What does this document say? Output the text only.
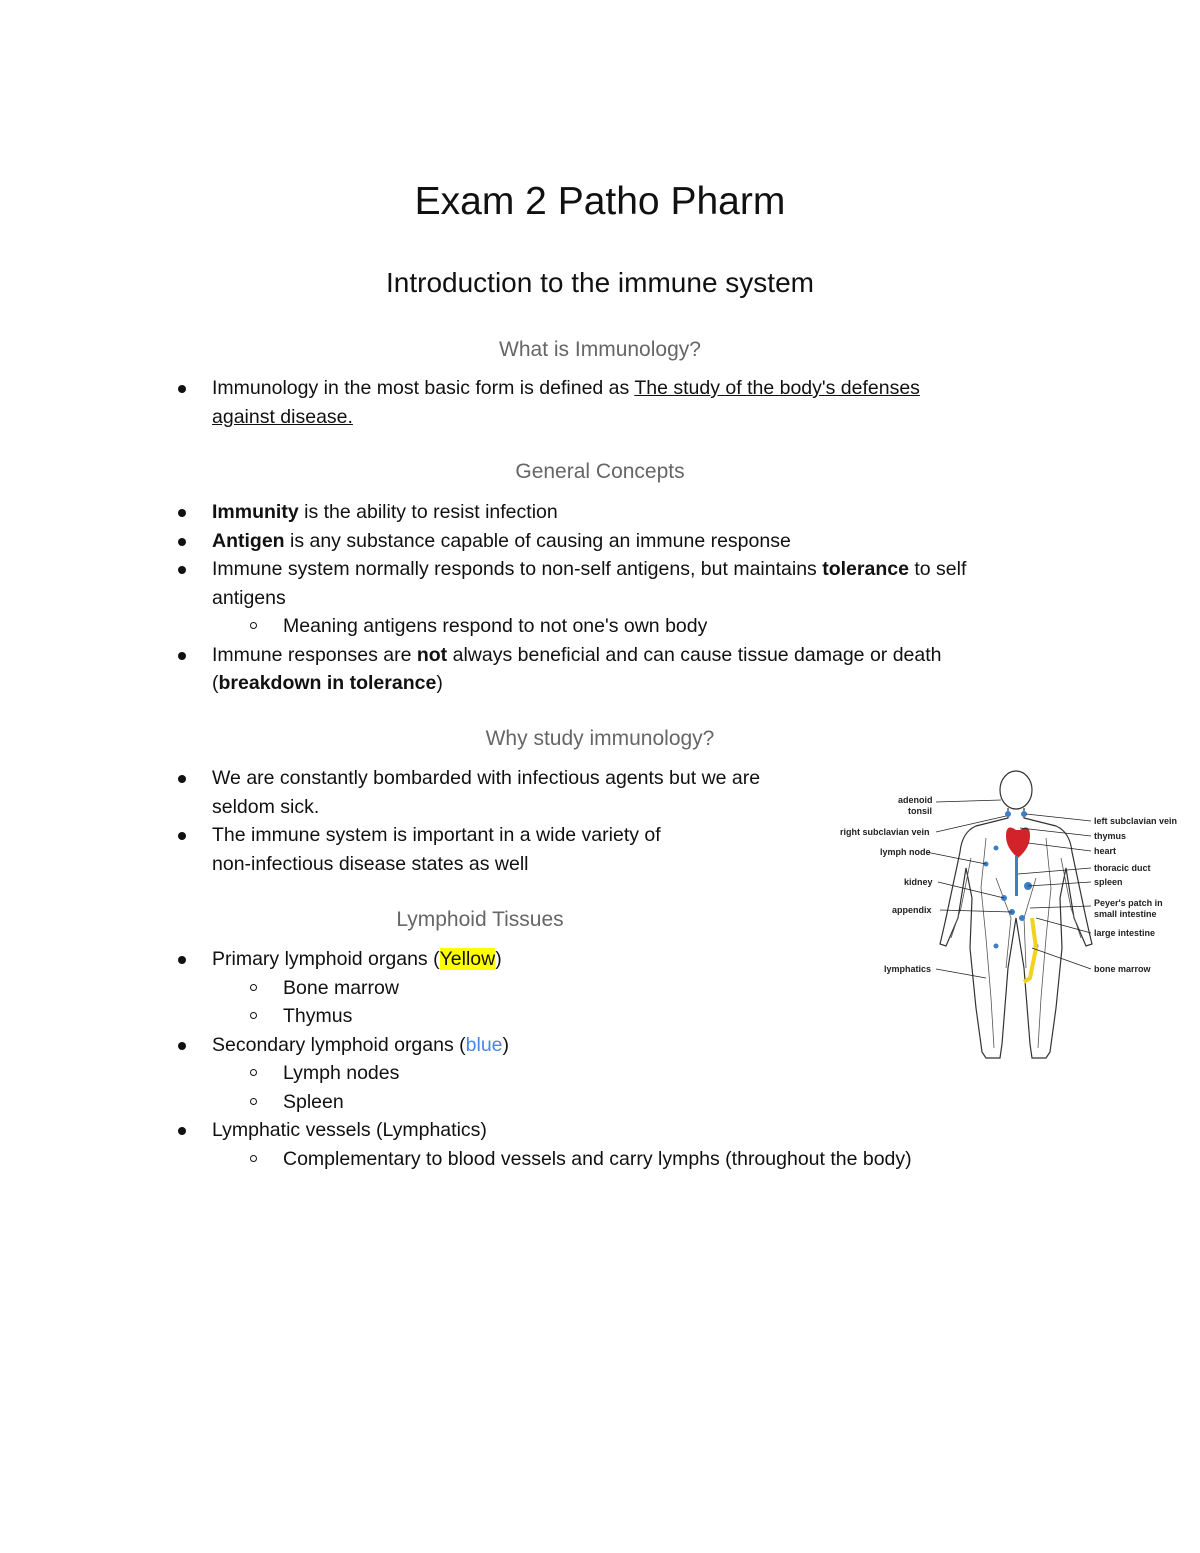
Exam 2 Patho Pharm
Introduction to the immune system
What is Immunology?
Immunology in the most basic form is defined as The study of the body's defenses
against disease.
General Concepts
Immunity is the ability to resist infection
Antigen is any substance capable of causing an immune response
Immune system normally responds to non-self antigens, but maintains tolerance to self
antigens
Meaning antigens respond to not one's own body
Immune responses are not always beneficial and can cause tissue damage or death
(breakdown in tolerance)
Why study immunology?
We are constantly bombarded with infectious agents but we are
seldom sick.
The immune system is important in a wide variety of
non-infectious disease states as well
Lymphoid Tissues
Primary lymphoid organs (Yellow)
Bone marrow
Thymus
Secondary lymphoid organs (blue)
Lymph nodes
Spleen
Lymphatic vessels (Lymphatics)
Complementary to blood vessels and carry lymphs (throughout the body)
adenoid
tonsil
right subclavian vein
lymph node
kidney
appendix
lymphatics
left subclavian vein
thymus
heart
thoracic duct
spleen
Peyer's patch in
small intestine
large intestine
bone marrow
